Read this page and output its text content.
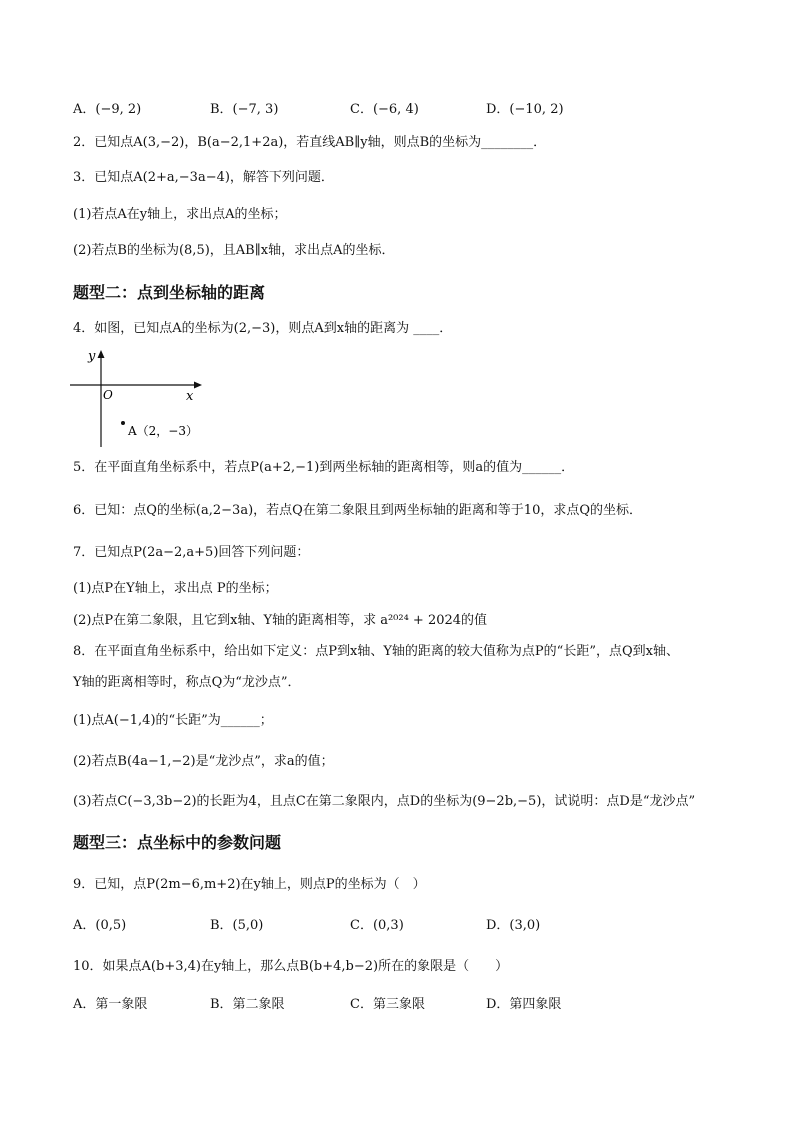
A．(−9, 2)	B．(−7, 3)	C．(−6, 4)	D．(−10, 2)
2．已知点A(3,−2)，B(a−2,1+2a)，若直线AB∥y轴，则点B的坐标为________．
3．已知点A(2+a,−3a−4)，解答下列问题．
(1)若点A在y轴上，求出点A的坐标；
(2)若点B的坐标为(8,5)，且AB∥x轴，求出点A的坐标．
题型二：点到坐标轴的距离
4．如图，已知点A的坐标为(2,−3)，则点A到x轴的距离为 ____．
y
x
O
A（2，−3）
5．在平面直角坐标系中，若点P(a+2,−1)到两坐标轴的距离相等，则a的值为______．
6．已知：点Q的坐标(a,2−3a)，若点Q在第二象限且到两坐标轴的距离和等于10，求点Q的坐标．
7．已知点P(2a−2,a+5)回答下列问题：
(1)点P在Y轴上，求出点 P的坐标；
(2)点P在第二象限，且它到x轴、Y轴的距离相等，求 a²⁰²⁴ + 2024的值
8．在平面直角坐标系中，给出如下定义：点P到x轴、Y轴的距离的较大值称为点P的“长距”，点Q到x轴、
Y轴的距离相等时，称点Q为“龙沙点”．
(1)点A(−1,4)的“长距”为______；
(2)若点B(4a−1,−2)是“龙沙点”，求a的值；
(3)若点C(−3,3b−2)的长距为4，且点C在第二象限内，点D的坐标为(9−2b,−5)，试说明：点D是“龙沙点”
题型三：点坐标中的参数问题
9．已知，点P(2m−6,m+2)在y轴上，则点P的坐标为（　）
A．(0,5)	B．(5,0)	C．(0,3)	D．(3,0)
10．如果点A(b+3,4)在y轴上，那么点B(b+4,b−2)所在的象限是（　　）
A．第一象限	B．第二象限	C．第三象限	D．第四象限
